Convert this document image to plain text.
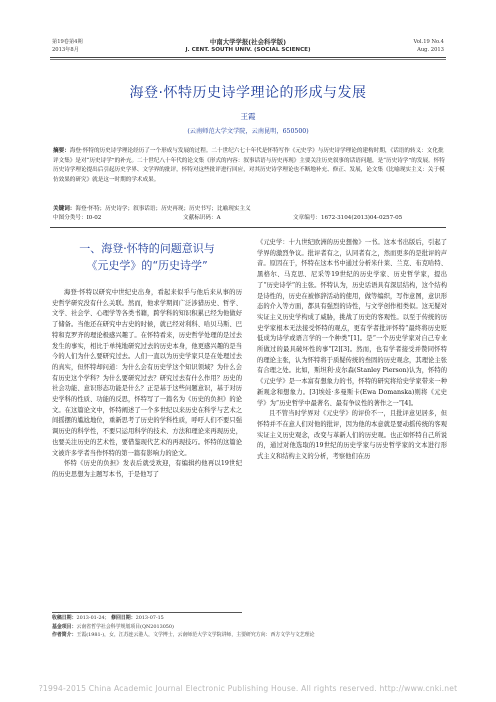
第19卷第4期
2013年8月
中南大学学报(社会科学版)
J. CENT. SOUTH UNIV. (SOCIAL SCIENCE)
Vol.19 No.4
Aug. 2013
海登·怀特历史诗学理论的形成与发展
王霞
(云南师范大学文学院，云南昆明，650500)
摘要：海登·怀特的历史诗学理论经历了一个形成与发展的过程。二十世纪六七十年代是怀特写作《元史学》与历史诗学理论的建构时期，《话语的转义：文化批评文集》是对“历史诗学”的补充。二十世纪八十年代的论文集《形式的内容：叙事话语与历史再现》主要关注历史叙事的话语问题，是“历史诗学”的发展。怀特历史诗学理论提出后引起历史学界、文学界的批评，怀特对这些批评进行回应，对其历史诗学理论也不断地补充、修正、发展，论文集《比喻现实主义：关于模仿效果的研究》就是这一时期的学术成果。
关键词：海登·怀特；历史诗学；叙事话语；历史再现；历史书写；比喻现实主义
中图分类号：I0-02	文献标识码：A	文章编号：1672-3104(2013)04-0257-05
一、海登·怀特的问题意识与
《元史学》的“历史诗学”

海登·怀特以研究中世纪史出身，看起来似乎与他后来从事的历史哲学研究没有什么关联。然而，他求学期间广泛涉猎历史、哲学、文学、社会学、心理学等各类书籍，跨学科的知识积累已经为他做好了储备。当他还在研究中古史的时候，就已经对利科、哈贝马斯、巴特和克罗齐的理论极感兴趣了。在怀特看来，历史哲学处理的是过去发生的事实，相比于单纯地研究过去的历史本身，他更感兴趣的是当今的人们为什么要研究过去。人们一直以为历史学家只是在处理过去的真实，但怀特却问道：为什么会有历史学这个知识领域？为什么会有历史这个学科？为什么要研究过去？研究过去有什么作用？历史的社会功能、意识形态功能是什么？正是基于这些问题意识，基于对历史学科的性质、功能的反思，怀特写了一篇名为《历史的负担》的论文。在这篇论文中，怀特阐述了一个多世纪以来历史在科学与艺术之间摇摆的尴尬地位，重新思考了历史的学科性质，呼吁人们不要只强调历史的科学性，不要只运用科学的技术、方法和理论来再现历史，也要关注历史的艺术性，要借鉴现代艺术的再现技巧。怀特的这篇论文被许多学者当作怀特的第一篇有影响力的论文。

怀特《历史的负担》发表后就受欢迎，有编辑约他再以19世纪的历史思想为主题写本书，于是他写了

《元史学：十九世纪欧洲的历史想像》一书。这本书出版后，引起了学界的激烈争议。批评者有之，认同者有之，然而更多的是批评的声音。原因在于，怀特在这本书中通过分析米什莱、兰克、布克哈特、黑格尔、马克思、尼采等19世纪的历史学家、历史哲学家，提出了“历史诗学”的主张。怀特认为，历史话语具有深层结构，这个结构是诗性的，历史在被修辞活动的使用，做等编织，写作意图，意识形态的介入等方面，都具有强烈的诗性，与文学创作相类似。这无疑对实证主义历史学构成了威胁，挑战了历史的客观性。以至于传统的历史学家根本无法接受怀特的观点，更有学者批评怀特“最终将历史贬低成为诗学或语言学的一个种类”[1]。是“一个历史学家对自己专业所做过的最具破坏性的事”[2][3]。然而，也有学者接受并赞同怀特的理论主张，认为怀特将于质疑传统的叁固的历史观念，其理论主张有合理之处。比如，斯坦利·皮尔森(Stanley Pierson)认为，怀特的《元史学》是一本富有想象力的书，怀特的研究将给史学家带来一种新观念和想象力。[3]埃娃·多曼斯卡(Ewa Domanska)则将《元史学》为“历史哲学中最著名、最有争议性的著作之一”[4]。

且不管当时学界对《元史学》的评价不一，且批评意见居多，但怀特并不在意人们对他的批评，因为他的本意就是要动摇传统的客观实证主义历史观念，改变与革新人们的历史观。也正如怀特自己所说的，通过对他选取的19世纪的历史学家与历史哲学家的文本进行形式主义和结构主义的分析，考察他们在历

收稿日期：2013-01-24； 修回日期：2013-07-15
基金项目：云南省哲学社会科学规划项目(QN2013050)
作者简介：王霞(1981-)，女，江苏连云港人，文学博士，云南师范大学文学院讲师，主要研究方向：西方文学与文艺理论
?1994-2015 China Academic Journal Electronic Publishing House. All rights reserved. http://www.cnki.net
